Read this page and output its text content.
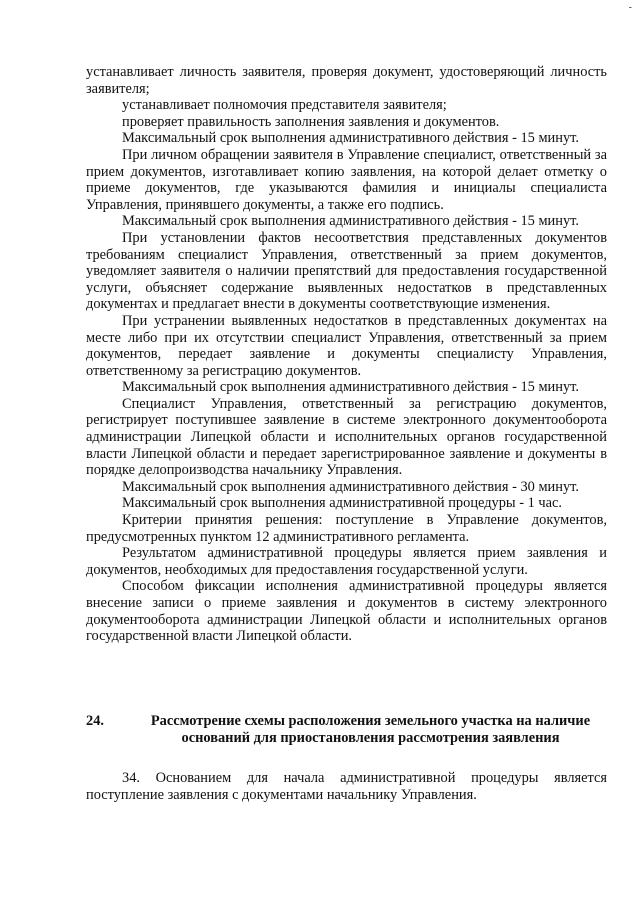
-

устанавливает личность заявителя, проверяя документ, удостоверяющий личность заявителя;

устанавливает полномочия представителя заявителя;

проверяет правильность заполнения заявления и документов.

Максимальный срок выполнения административного действия - 15 минут.

При личном обращении заявителя в Управление специалист, ответственный за прием документов, изготавливает копию заявления, на которой делает отметку о приеме документов, где указываются фамилия и инициалы специалиста Управления, принявшего документы, а также его подпись.

Максимальный срок выполнения административного действия - 15 минут.

При установлении фактов несоответствия представленных документов требованиям специалист Управления, ответственный за прием документов, уведомляет заявителя о наличии препятствий для предоставления государственной услуги, объясняет содержание выявленных недостатков в представленных документах и предлагает внести в документы соответствующие изменения.

При устранении выявленных недостатков в представленных документах на месте либо при их отсутствии специалист Управления, ответственный за прием документов, передает заявление и документы специалисту Управления, ответственному за регистрацию документов.

Максимальный срок выполнения административного действия - 15 минут.

Специалист Управления, ответственный за регистрацию документов, регистрирует поступившее заявление в системе электронного документооборота администрации Липецкой области и исполнительных органов государственной власти Липецкой области и передает зарегистрированное заявление и документы в порядке делопроизводства начальнику Управления.

Максимальный срок выполнения административного действия - 30 минут.

Максимальный срок выполнения административной процедуры - 1 час.

Критерии принятия решения: поступление в Управление документов, предусмотренных пунктом 12 административного регламента.

Результатом административной процедуры является прием заявления и документов, необходимых для предоставления государственной услуги.

Способом фиксации исполнения административной процедуры является внесение записи о приеме заявления и документов в систему электронного документооборота администрации Липецкой области и исполнительных органов государственной власти Липецкой области.

24.	Рассмотрение схемы расположения земельного участка на наличие оснований для приостановления рассмотрения заявления

34. Основанием для начала административной процедуры является поступление заявления с документами начальнику Управления.
